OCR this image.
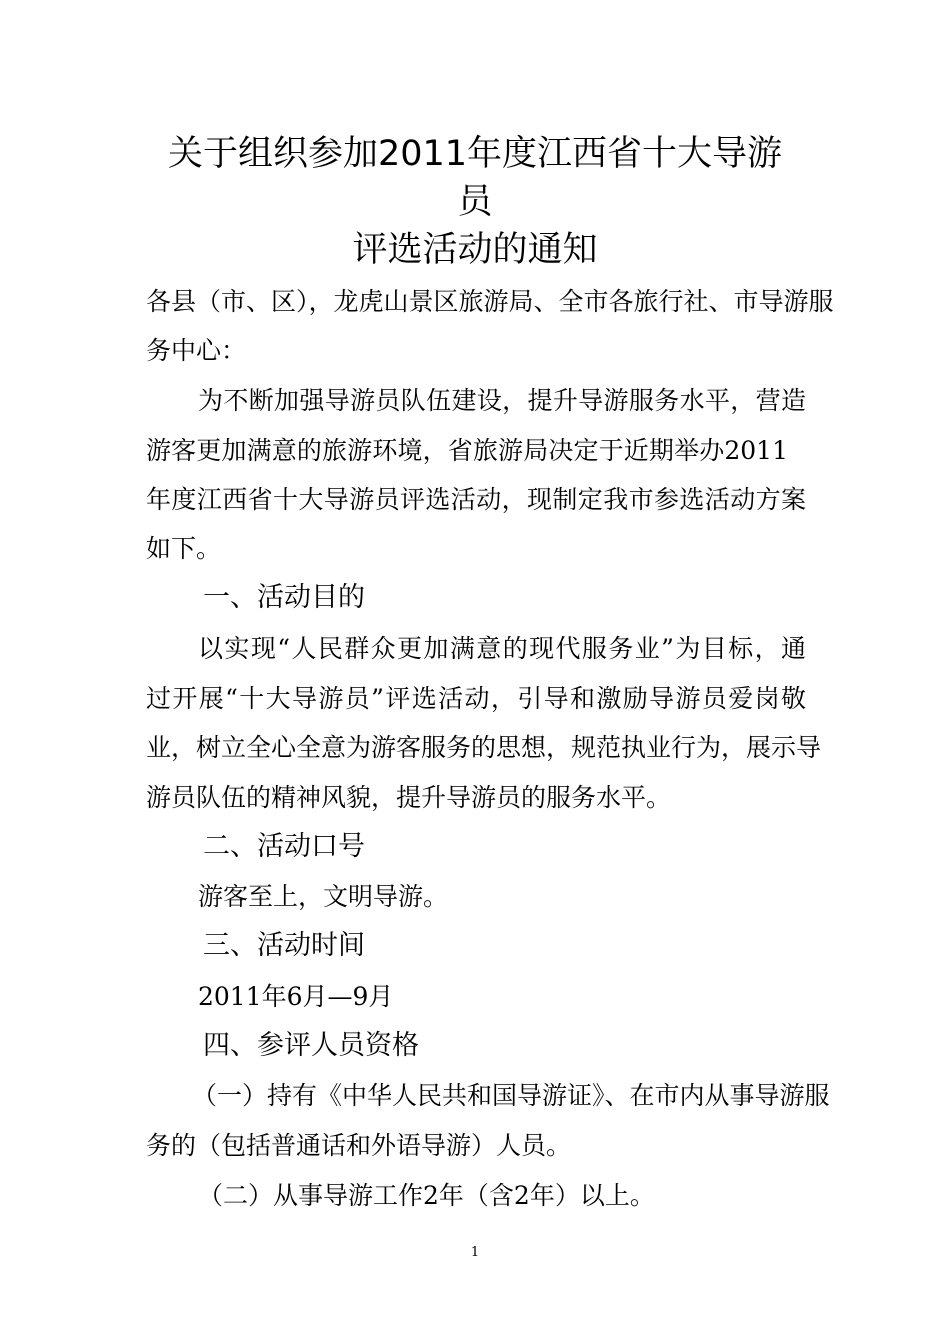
关于组织参加2011年度江西省十大导游
员
评选活动的通知
各县（市、区），龙虎山景区旅游局、全市各旅行社、市导游服
务中心：
为不断加强导游员队伍建设，提升导游服务水平，营造
游客更加满意的旅游环境，省旅游局决定于近期举办2011
年度江西省十大导游员评选活动，现制定我市参选活动方案
如下。
一、活动目的
以实现“人民群众更加满意的现代服务业”为目标，通
过开展“十大导游员”评选活动，引导和激励导游员爱岗敬
业，树立全心全意为游客服务的思想，规范执业行为，展示导
游员队伍的精神风貌，提升导游员的服务水平。
二、活动口号
游客至上，文明导游。
三、活动时间
2011年6月—9月
四、参评人员资格
（一）持有《中华人民共和国导游证》、在市内从事导游服
务的（包括普通话和外语导游）人员。
（二）从事导游工作2年（含2年）以上。
1
